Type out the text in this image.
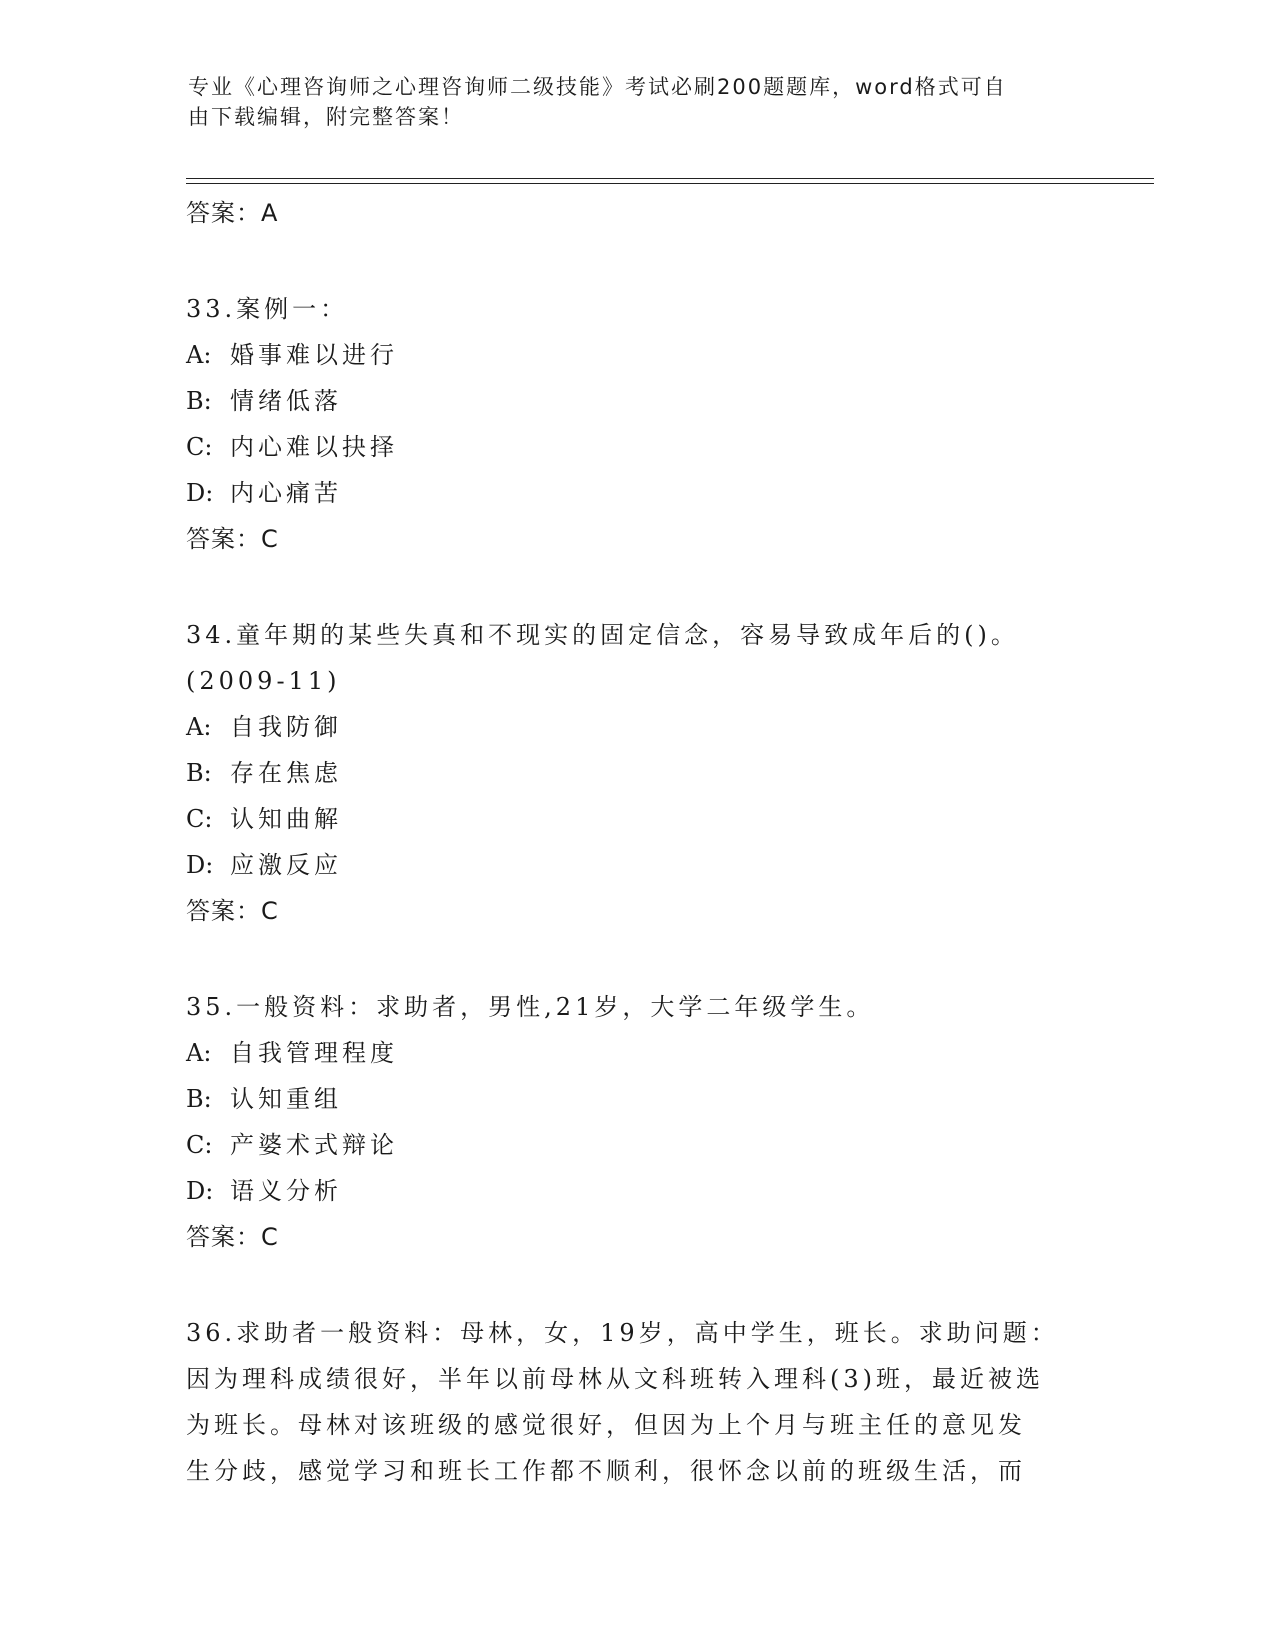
专业《心理咨询师之心理咨询师二级技能》考试必刷200题题库，word格式可自
由下载编辑，附完整答案！
答案：A
33.案例一：
A: 婚事难以进行
B: 情绪低落
C: 内心难以抉择
D: 内心痛苦
答案：C
34.童年期的某些失真和不现实的固定信念，容易导致成年后的()。
(2009-11)
A: 自我防御
B: 存在焦虑
C: 认知曲解
D: 应激反应
答案：C
35.一般资料：求助者，男性,21岁，大学二年级学生。
A: 自我管理程度
B: 认知重组
C: 产婆术式辩论
D: 语义分析
答案：C
36.求助者一般资料：母林，女，19岁，高中学生，班长。求助问题：
因为理科成绩很好，半年以前母林从文科班转入理科(3)班，最近被选
为班长。母林对该班级的感觉很好，但因为上个月与班主任的意见发
生分歧，感觉学习和班长工作都不顺利，很怀念以前的班级生活，而
